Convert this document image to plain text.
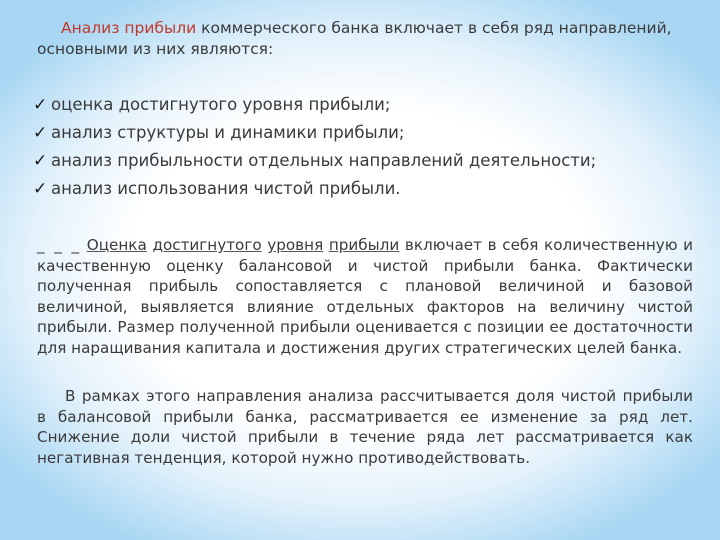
Анализ прибыли коммерческого банка включает в себя ряд направлений, основными из них являются:

✓ оценка достигнутого уровня прибыли;
✓ анализ структуры и динамики прибыли;
✓ анализ прибыльности отдельных направлений деятельности;
✓ анализ использования чистой прибыли.

_ _ _ Оценка достигнутого уровня прибыли включает в себя количественную и качественную оценку балансовой и чистой прибыли банка. Фактически полученная прибыль сопоставляется с плановой величиной и базовой величиной, выявляется влияние отдельных факторов на величину чистой прибыли. Размер полученной прибыли оценивается с позиции ее достаточности для наращивания капитала и достижения других стратегических целей банка.

В рамках этого направления анализа рассчитывается доля чистой прибыли в балансовой прибыли банка, рассматривается ее изменение за ряд лет. Снижение доли чистой прибыли в течение ряда лет рассматривается как негативная тенденция, которой нужно противодействовать.
